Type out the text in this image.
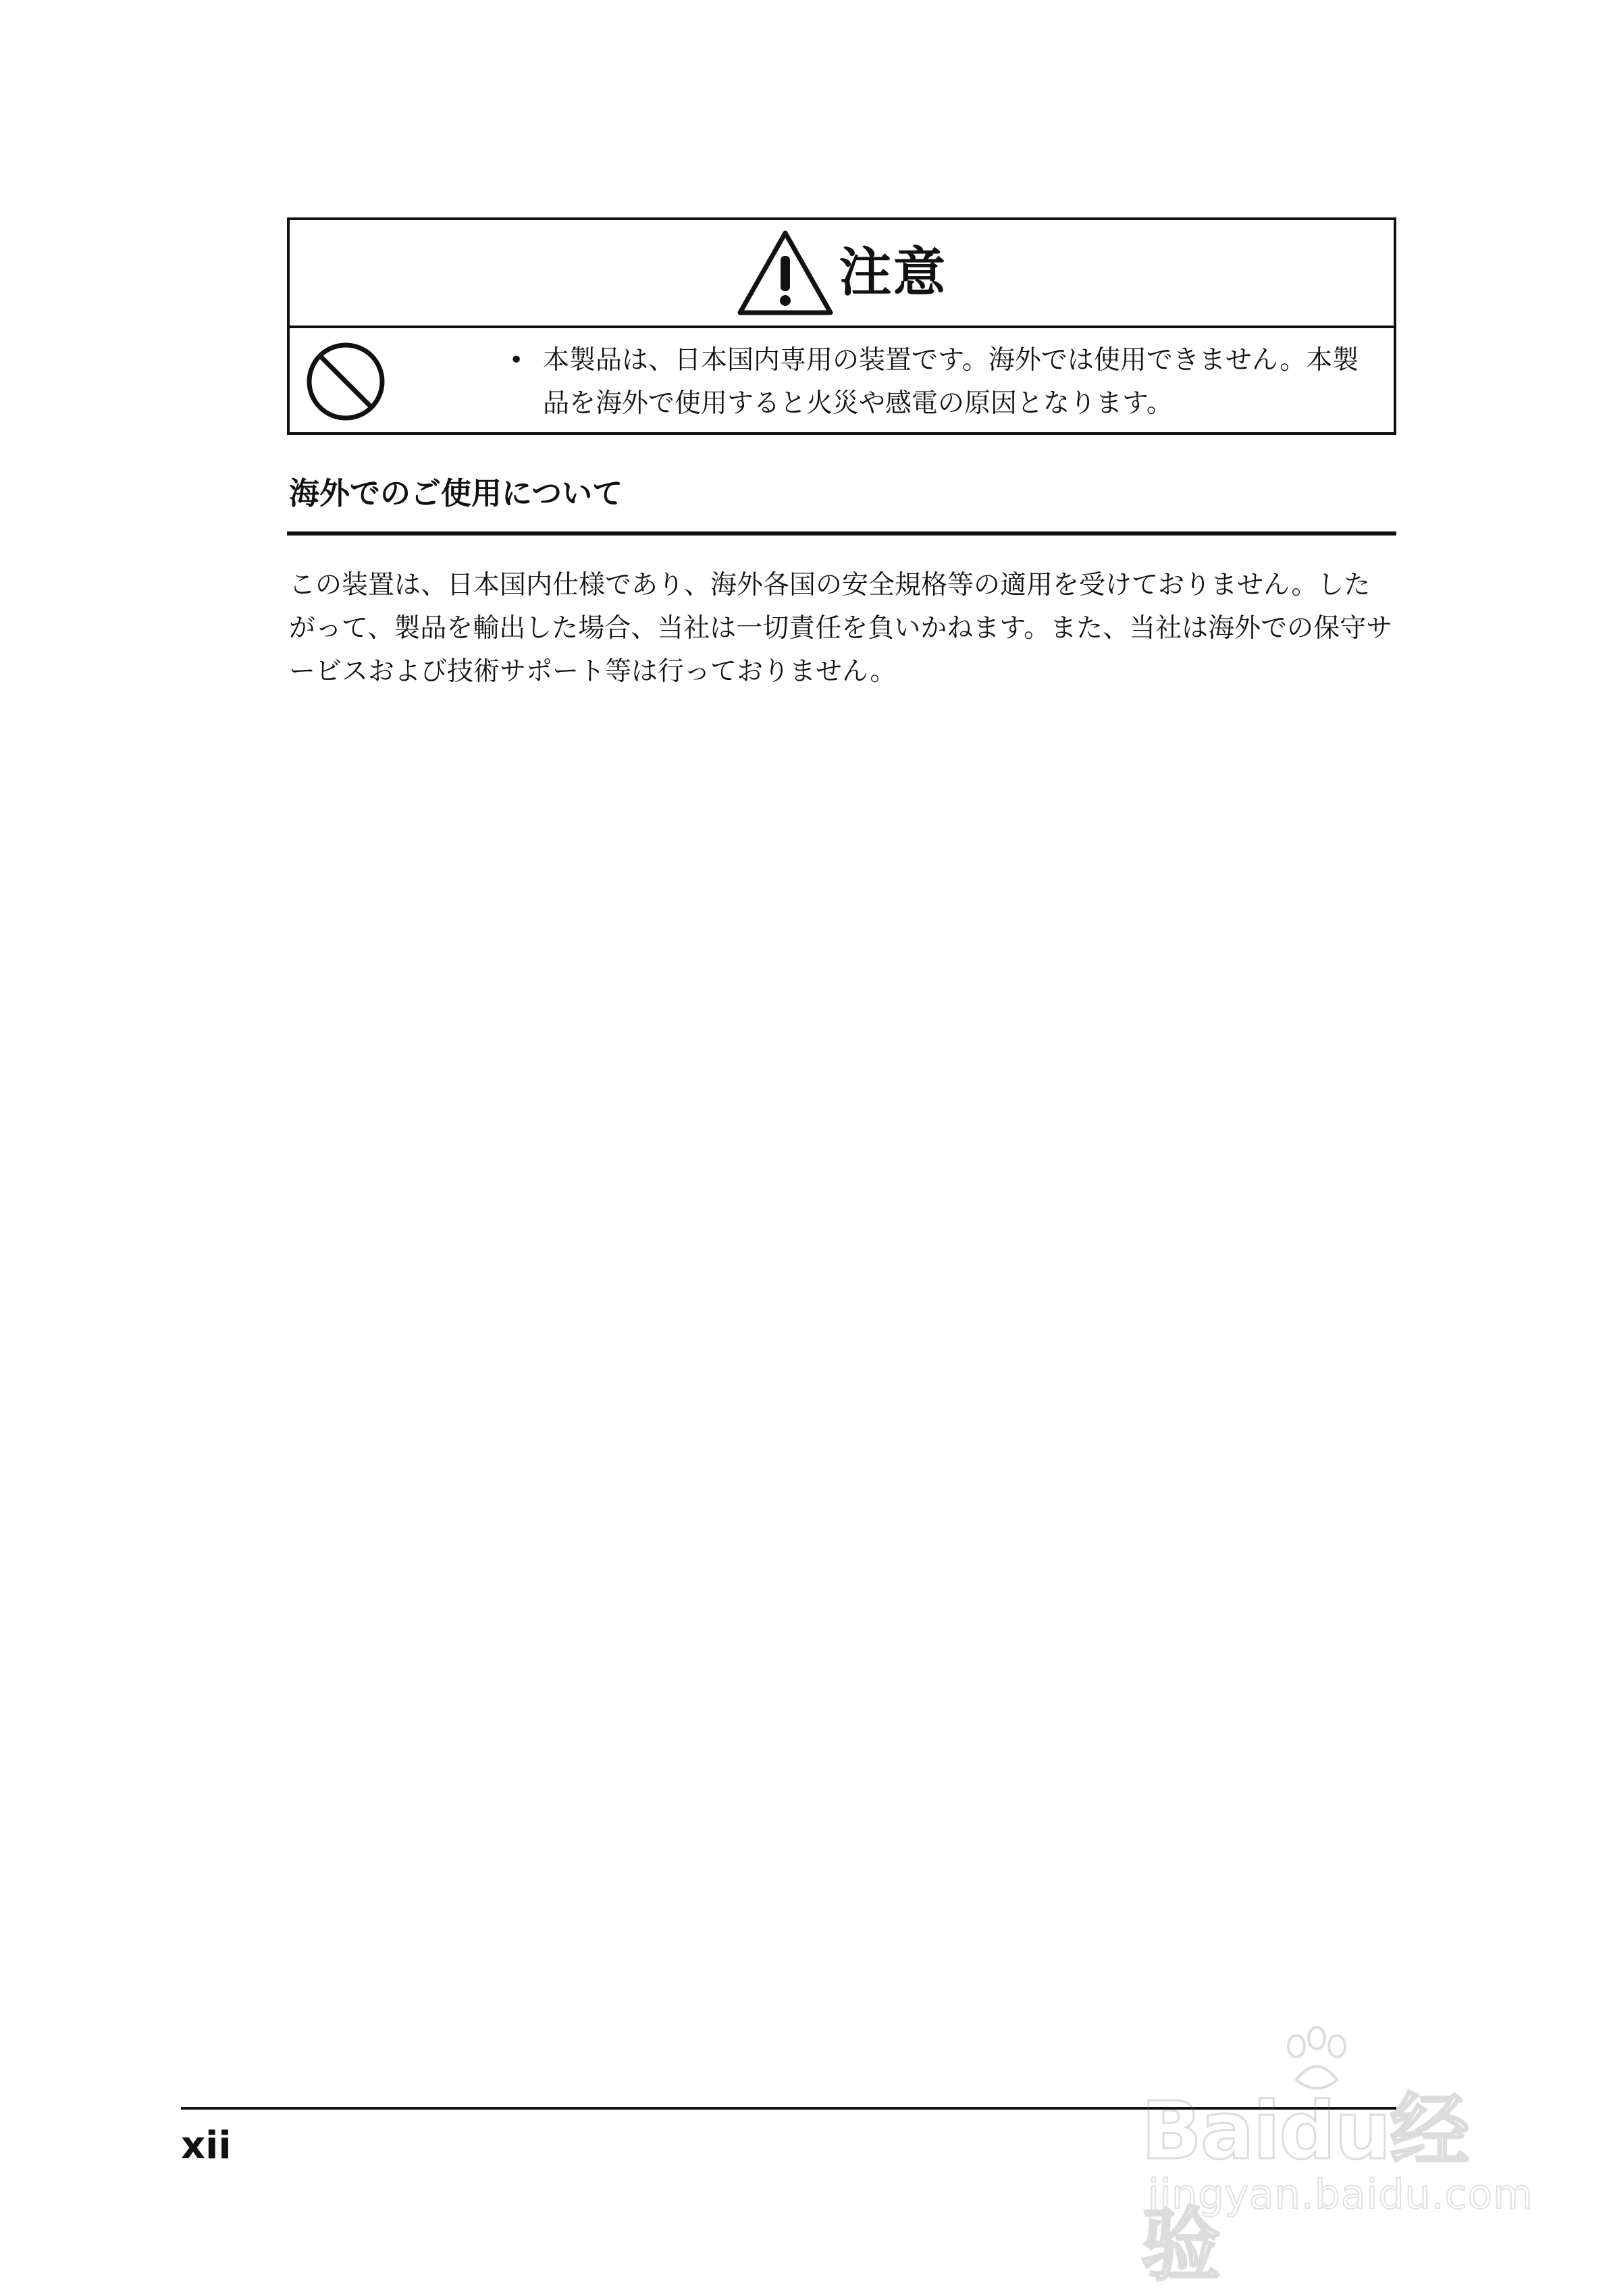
注意
• 本製品は、日本国内専用の装置です。海外では使用できません。本製品を海外で使用すると火災や感電の原因となります。
海外でのご使用について

この装置は、日本国内仕様であり、海外各国の安全規格等の適用を受けておりません。したがって、製品を輸出した場合、当社は一切責任を負いかねます。また、当社は海外での保守サービスおよび技術サポート等は行っておりません。

xii	Baidu经验
jingyan.baidu.com
